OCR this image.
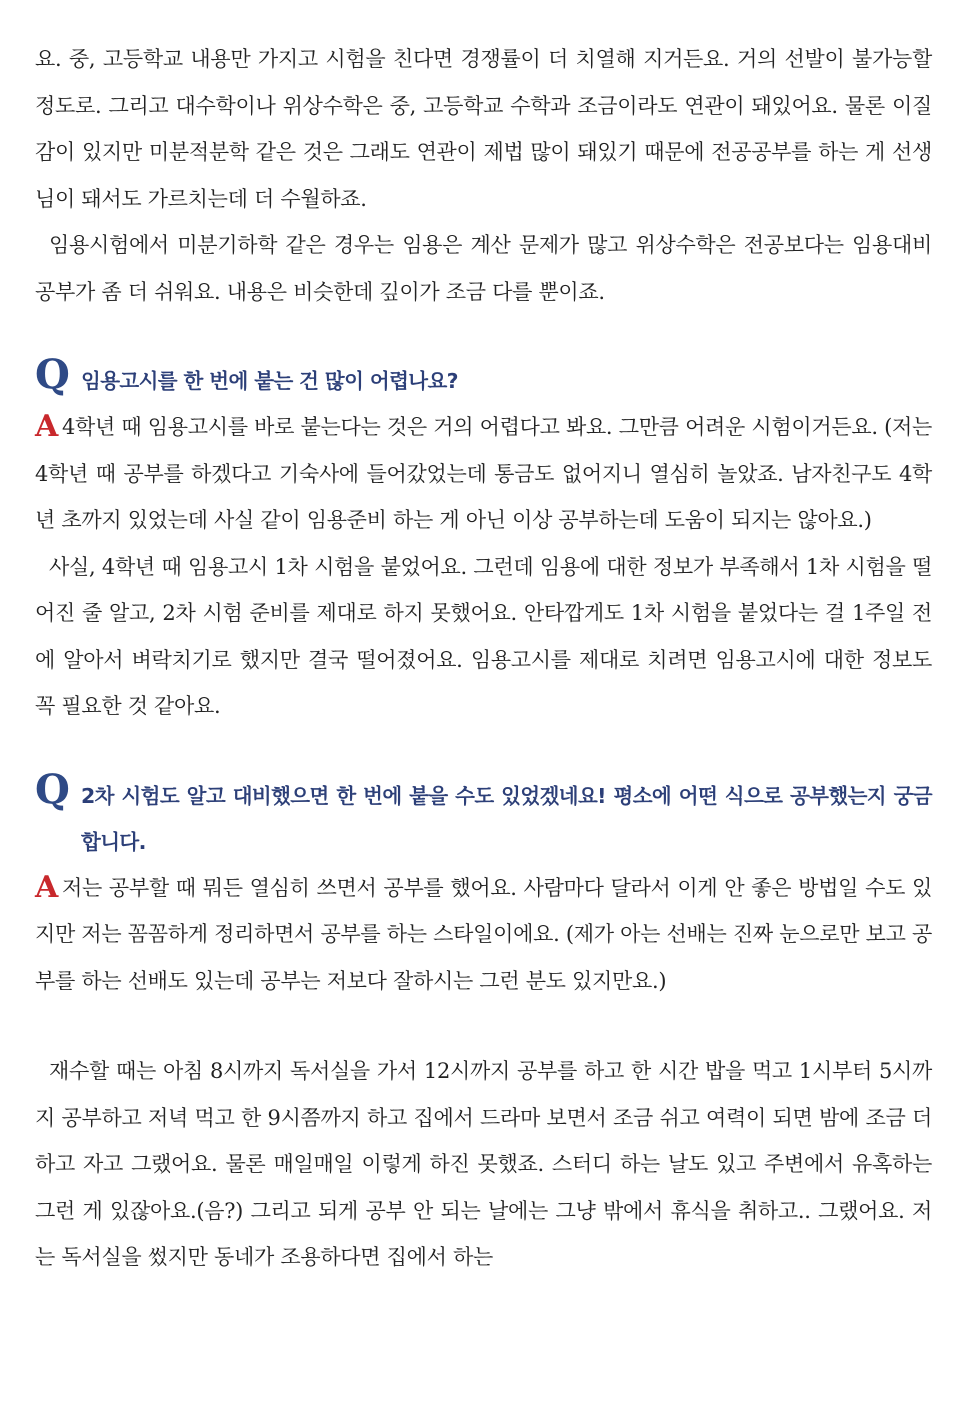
요. 중, 고등학교 내용만 가지고 시험을 친다면 경쟁률이 더 치열해 지거든요. 거의 선발이 불가능할 정도로. 그리고 대수학이나 위상수학은 중, 고등학교 수학과 조금이라도 연관이 돼있어요. 물론 이질감이 있지만 미분적분학 같은 것은 그래도 연관이 제법 많이 돼있기 때문에 전공공부를 하는 게 선생님이 돼서도 가르치는데 더 수월하죠.

임용시험에서 미분기하학 같은 경우는 임용은 계산 문제가 많고 위상수학은 전공보다는 임용대비 공부가 좀 더 쉬워요. 내용은 비슷한데 깊이가 조금 다를 뿐이죠.

Q 임용고시를 한 번에 붙는 건 많이 어렵나요?

A 4학년 때 임용고시를 바로 붙는다는 것은 거의 어렵다고 봐요. 그만큼 어려운 시험이거든요. (저는 4학년 때 공부를 하겠다고 기숙사에 들어갔었는데 통금도 없어지니 열심히 놀았죠. 남자친구도 4학년 초까지 있었는데 사실 같이 임용준비 하는 게 아닌 이상 공부하는데 도움이 되지는 않아요.)

사실, 4학년 때 임용고시 1차 시험을 붙었어요. 그런데 임용에 대한 정보가 부족해서 1차 시험을 떨어진 줄 알고, 2차 시험 준비를 제대로 하지 못했어요. 안타깝게도 1차 시험을 붙었다는 걸 1주일 전에 알아서 벼락치기로 했지만 결국 떨어졌어요. 임용고시를 제대로 치려면 임용고시에 대한 정보도 꼭 필요한 것 같아요.

Q 2차 시험도 알고 대비했으면 한 번에 붙을 수도 있었겠네요! 평소에 어떤 식으로 공부했는지 궁금합니다.

A 저는 공부할 때 뭐든 열심히 쓰면서 공부를 했어요. 사람마다 달라서 이게 안 좋은 방법일 수도 있지만 저는 꼼꼼하게 정리하면서 공부를 하는 스타일이에요. (제가 아는 선배는 진짜 눈으로만 보고 공부를 하는 선배도 있는데 공부는 저보다 잘하시는 그런 분도 있지만요.)

재수할 때는 아침 8시까지 독서실을 가서 12시까지 공부를 하고 한 시간 밥을 먹고 1시부터 5시까지 공부하고 저녁 먹고 한 9시쯤까지 하고 집에서 드라마 보면서 조금 쉬고 여력이 되면 밤에 조금 더 하고 자고 그랬어요. 물론 매일매일 이렇게 하진 못했죠. 스터디 하는 날도 있고 주변에서 유혹하는 그런 게 있잖아요.(음?) 그리고 되게 공부 안 되는 날에는 그냥 밖에서 휴식을 취하고.. 그랬어요. 저는 독서실을 썼지만 동네가 조용하다면 집에서 하는
